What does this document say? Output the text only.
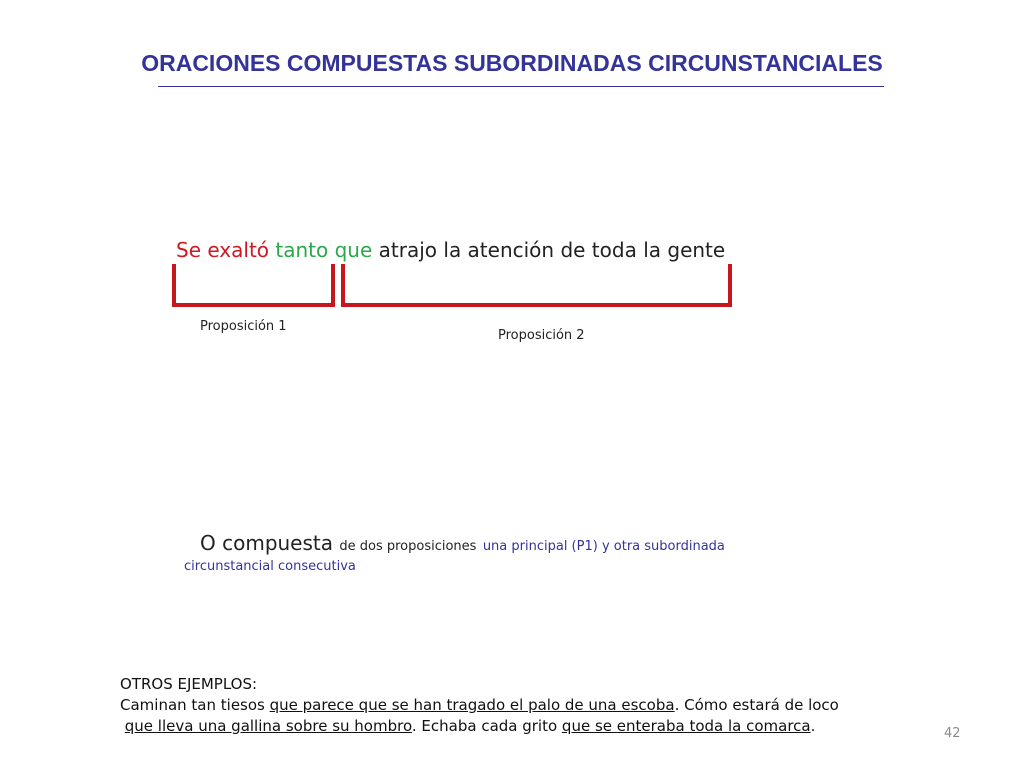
ORACIONES COMPUESTAS SUBORDINADAS CIRCUNSTANCIALES
Se exaltó tanto que atrajo la atención de toda la gente
Proposición 1
Proposición 2
O compuesta de dos proposiciones una principal (P1) y otra subordinada
circunstancial consecutiva
OTROS EJEMPLOS:
Caminan tan tiesos que parece que se han tragado el palo de una escoba. Cómo estará de loco
que lleva una gallina sobre su hombro. Echaba cada grito que se enteraba toda la comarca.	42
